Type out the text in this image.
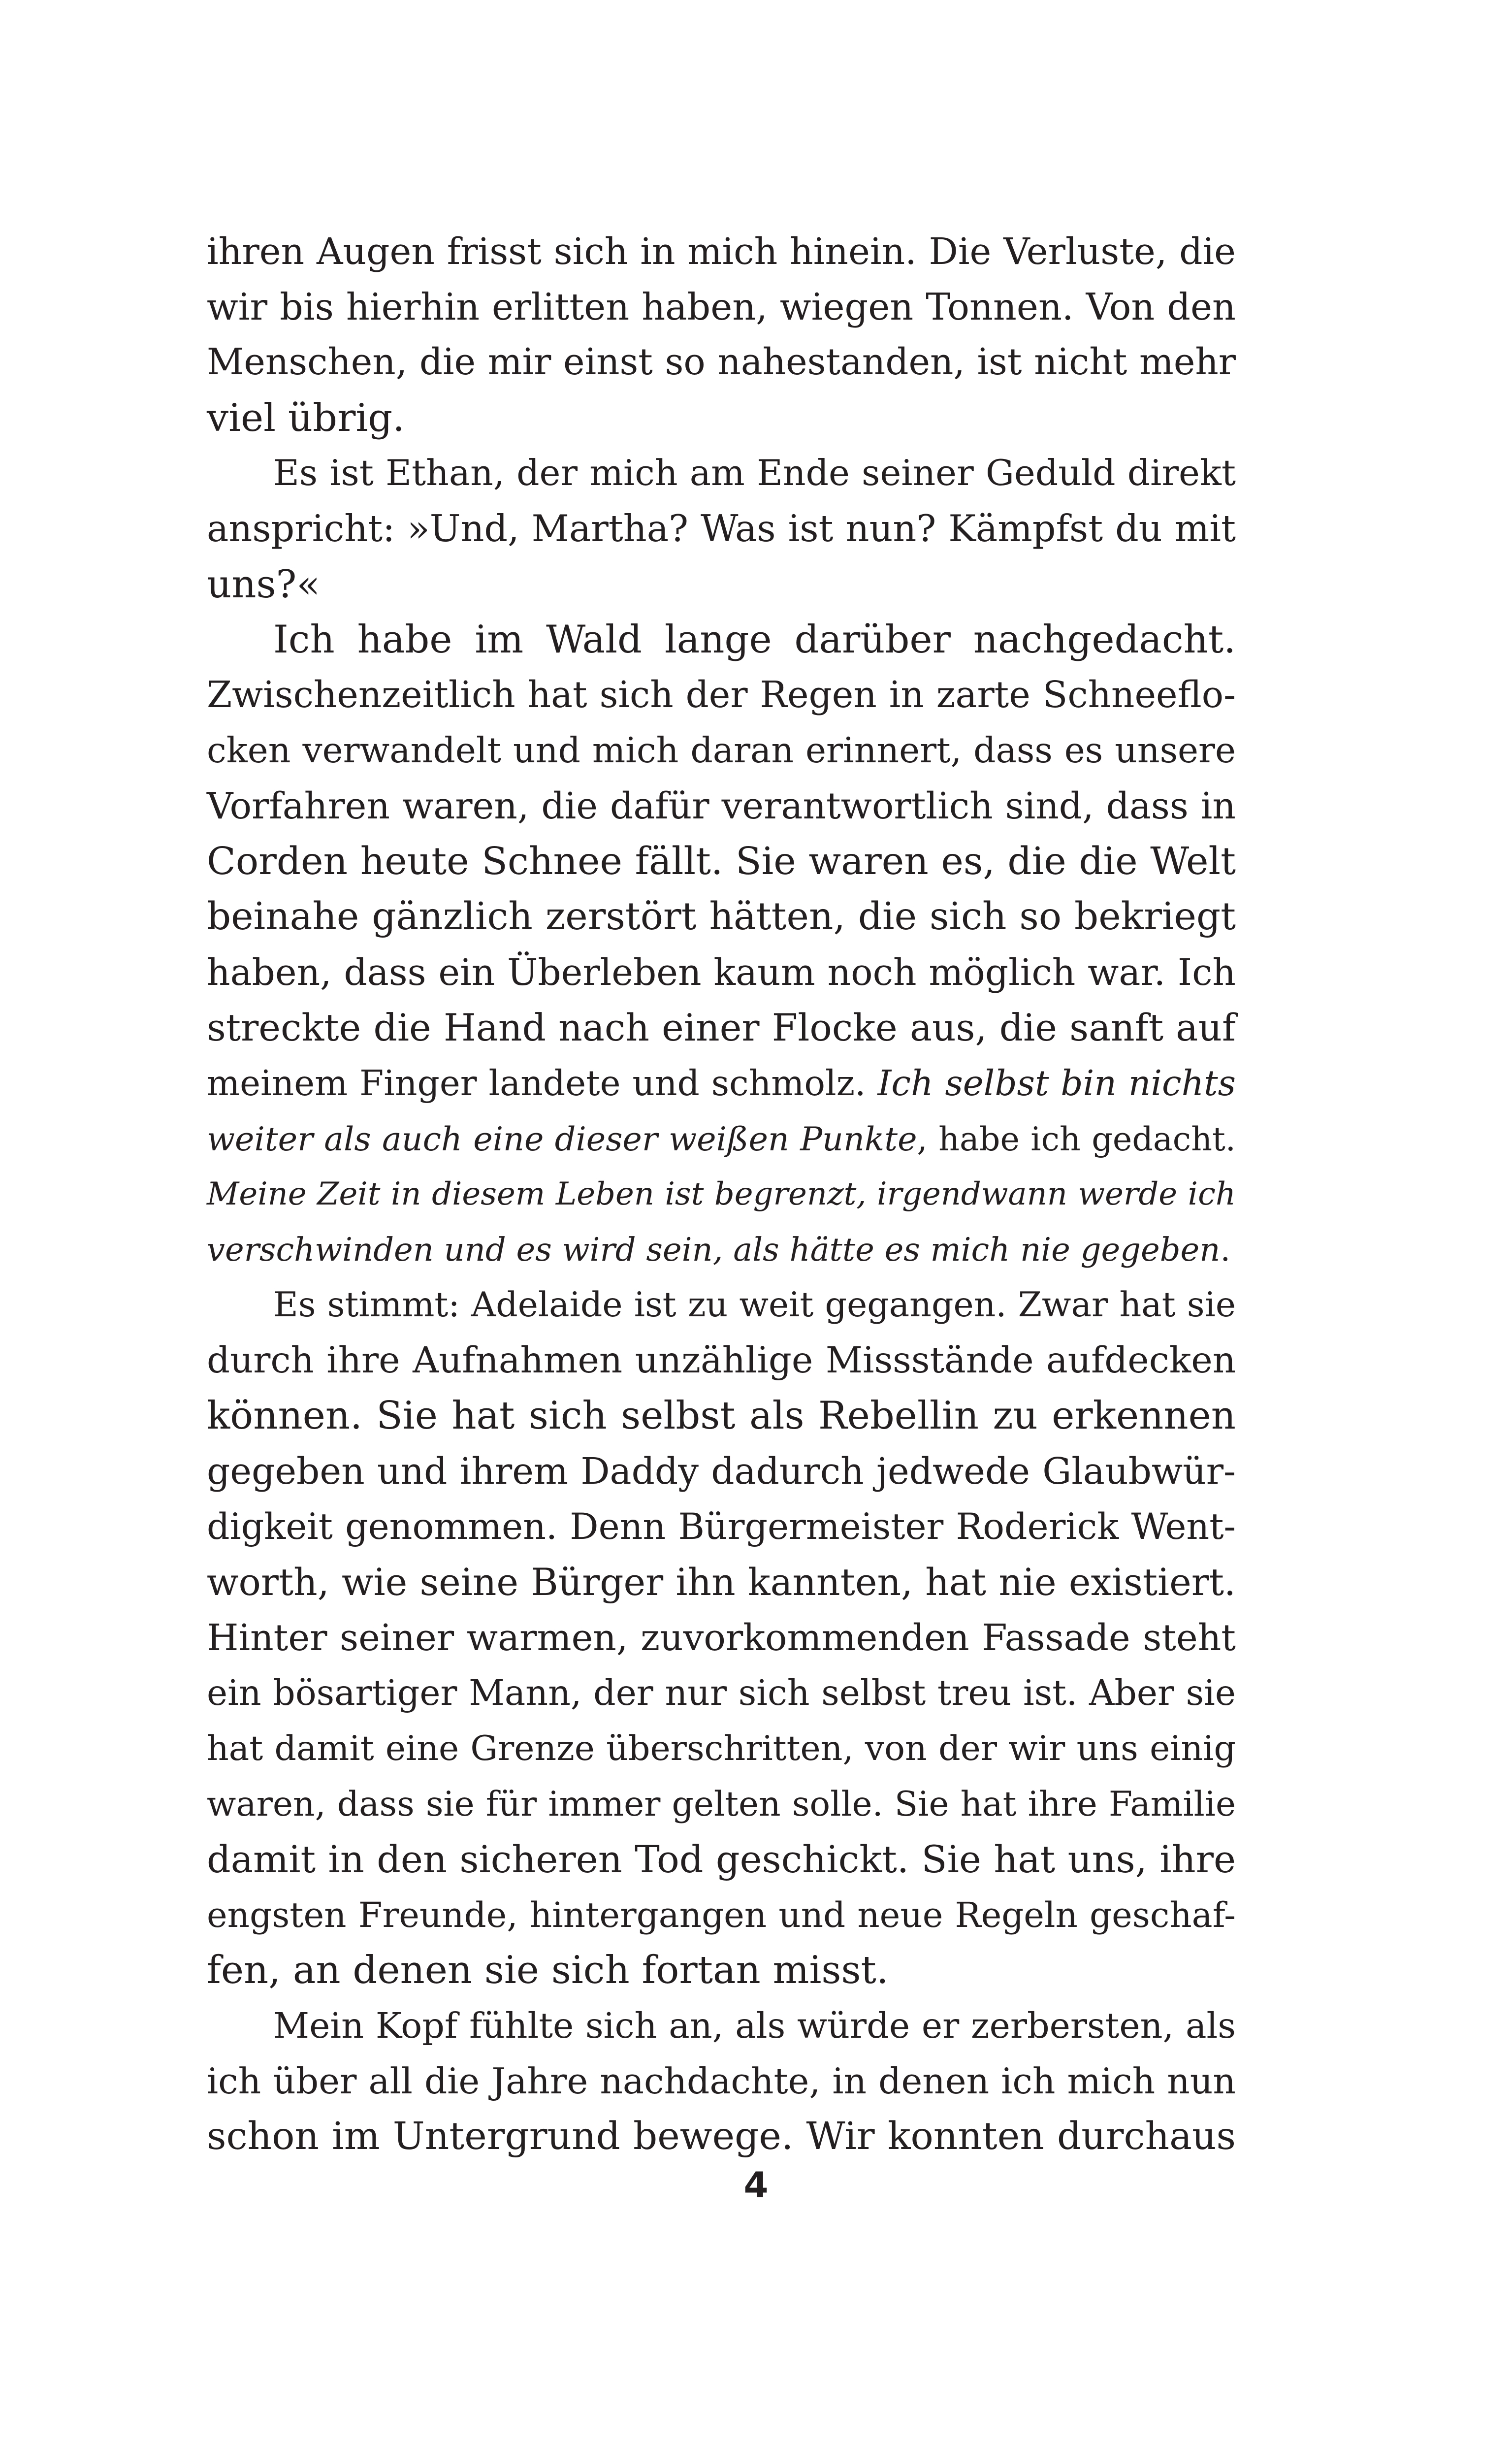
ihren Augen frisst sich in mich hinein. Die Verluste, die
wir bis hierhin erlitten haben, wiegen Tonnen. Von den
Menschen, die mir einst so nahestanden, ist nicht mehr
viel übrig.
Es ist Ethan, der mich am Ende seiner Geduld direkt
anspricht: »Und, Martha? Was ist nun? Kämpfst du mit
uns?«
Ich habe im Wald lange darüber nachgedacht.
Zwischenzeitlich hat sich der Regen in zarte Schneeflo-
cken verwandelt und mich daran erinnert, dass es unsere
Vorfahren waren, die dafür verantwortlich sind, dass in
Corden heute Schnee fällt. Sie waren es, die die Welt
beinahe gänzlich zerstört hätten, die sich so bekriegt
haben, dass ein Überleben kaum noch möglich war. Ich
streckte die Hand nach einer Flocke aus, die sanft auf
meinem Finger landete und schmolz. Ich selbst bin nichts
weiter als auch eine dieser weißen Punkte, habe ich gedacht.
Meine Zeit in diesem Leben ist begrenzt, irgendwann werde ich
verschwinden und es wird sein, als hätte es mich nie gegeben.
Es stimmt: Adelaide ist zu weit gegangen. Zwar hat sie
durch ihre Aufnahmen unzählige Missstände aufdecken
können. Sie hat sich selbst als Rebellin zu erkennen
gegeben und ihrem Daddy dadurch jedwede Glaubwür-
digkeit genommen. Denn Bürgermeister Roderick Went-
worth, wie seine Bürger ihn kannten, hat nie existiert.
Hinter seiner warmen, zuvorkommenden Fassade steht
ein bösartiger Mann, der nur sich selbst treu ist. Aber sie
hat damit eine Grenze überschritten, von der wir uns einig
waren, dass sie für immer gelten solle. Sie hat ihre Familie
damit in den sicheren Tod geschickt. Sie hat uns, ihre
engsten Freunde, hintergangen und neue Regeln geschaf-
fen, an denen sie sich fortan misst.
Mein Kopf fühlte sich an, als würde er zerbersten, als
ich über all die Jahre nachdachte, in denen ich mich nun
schon im Untergrund bewege. Wir konnten durchaus
4
